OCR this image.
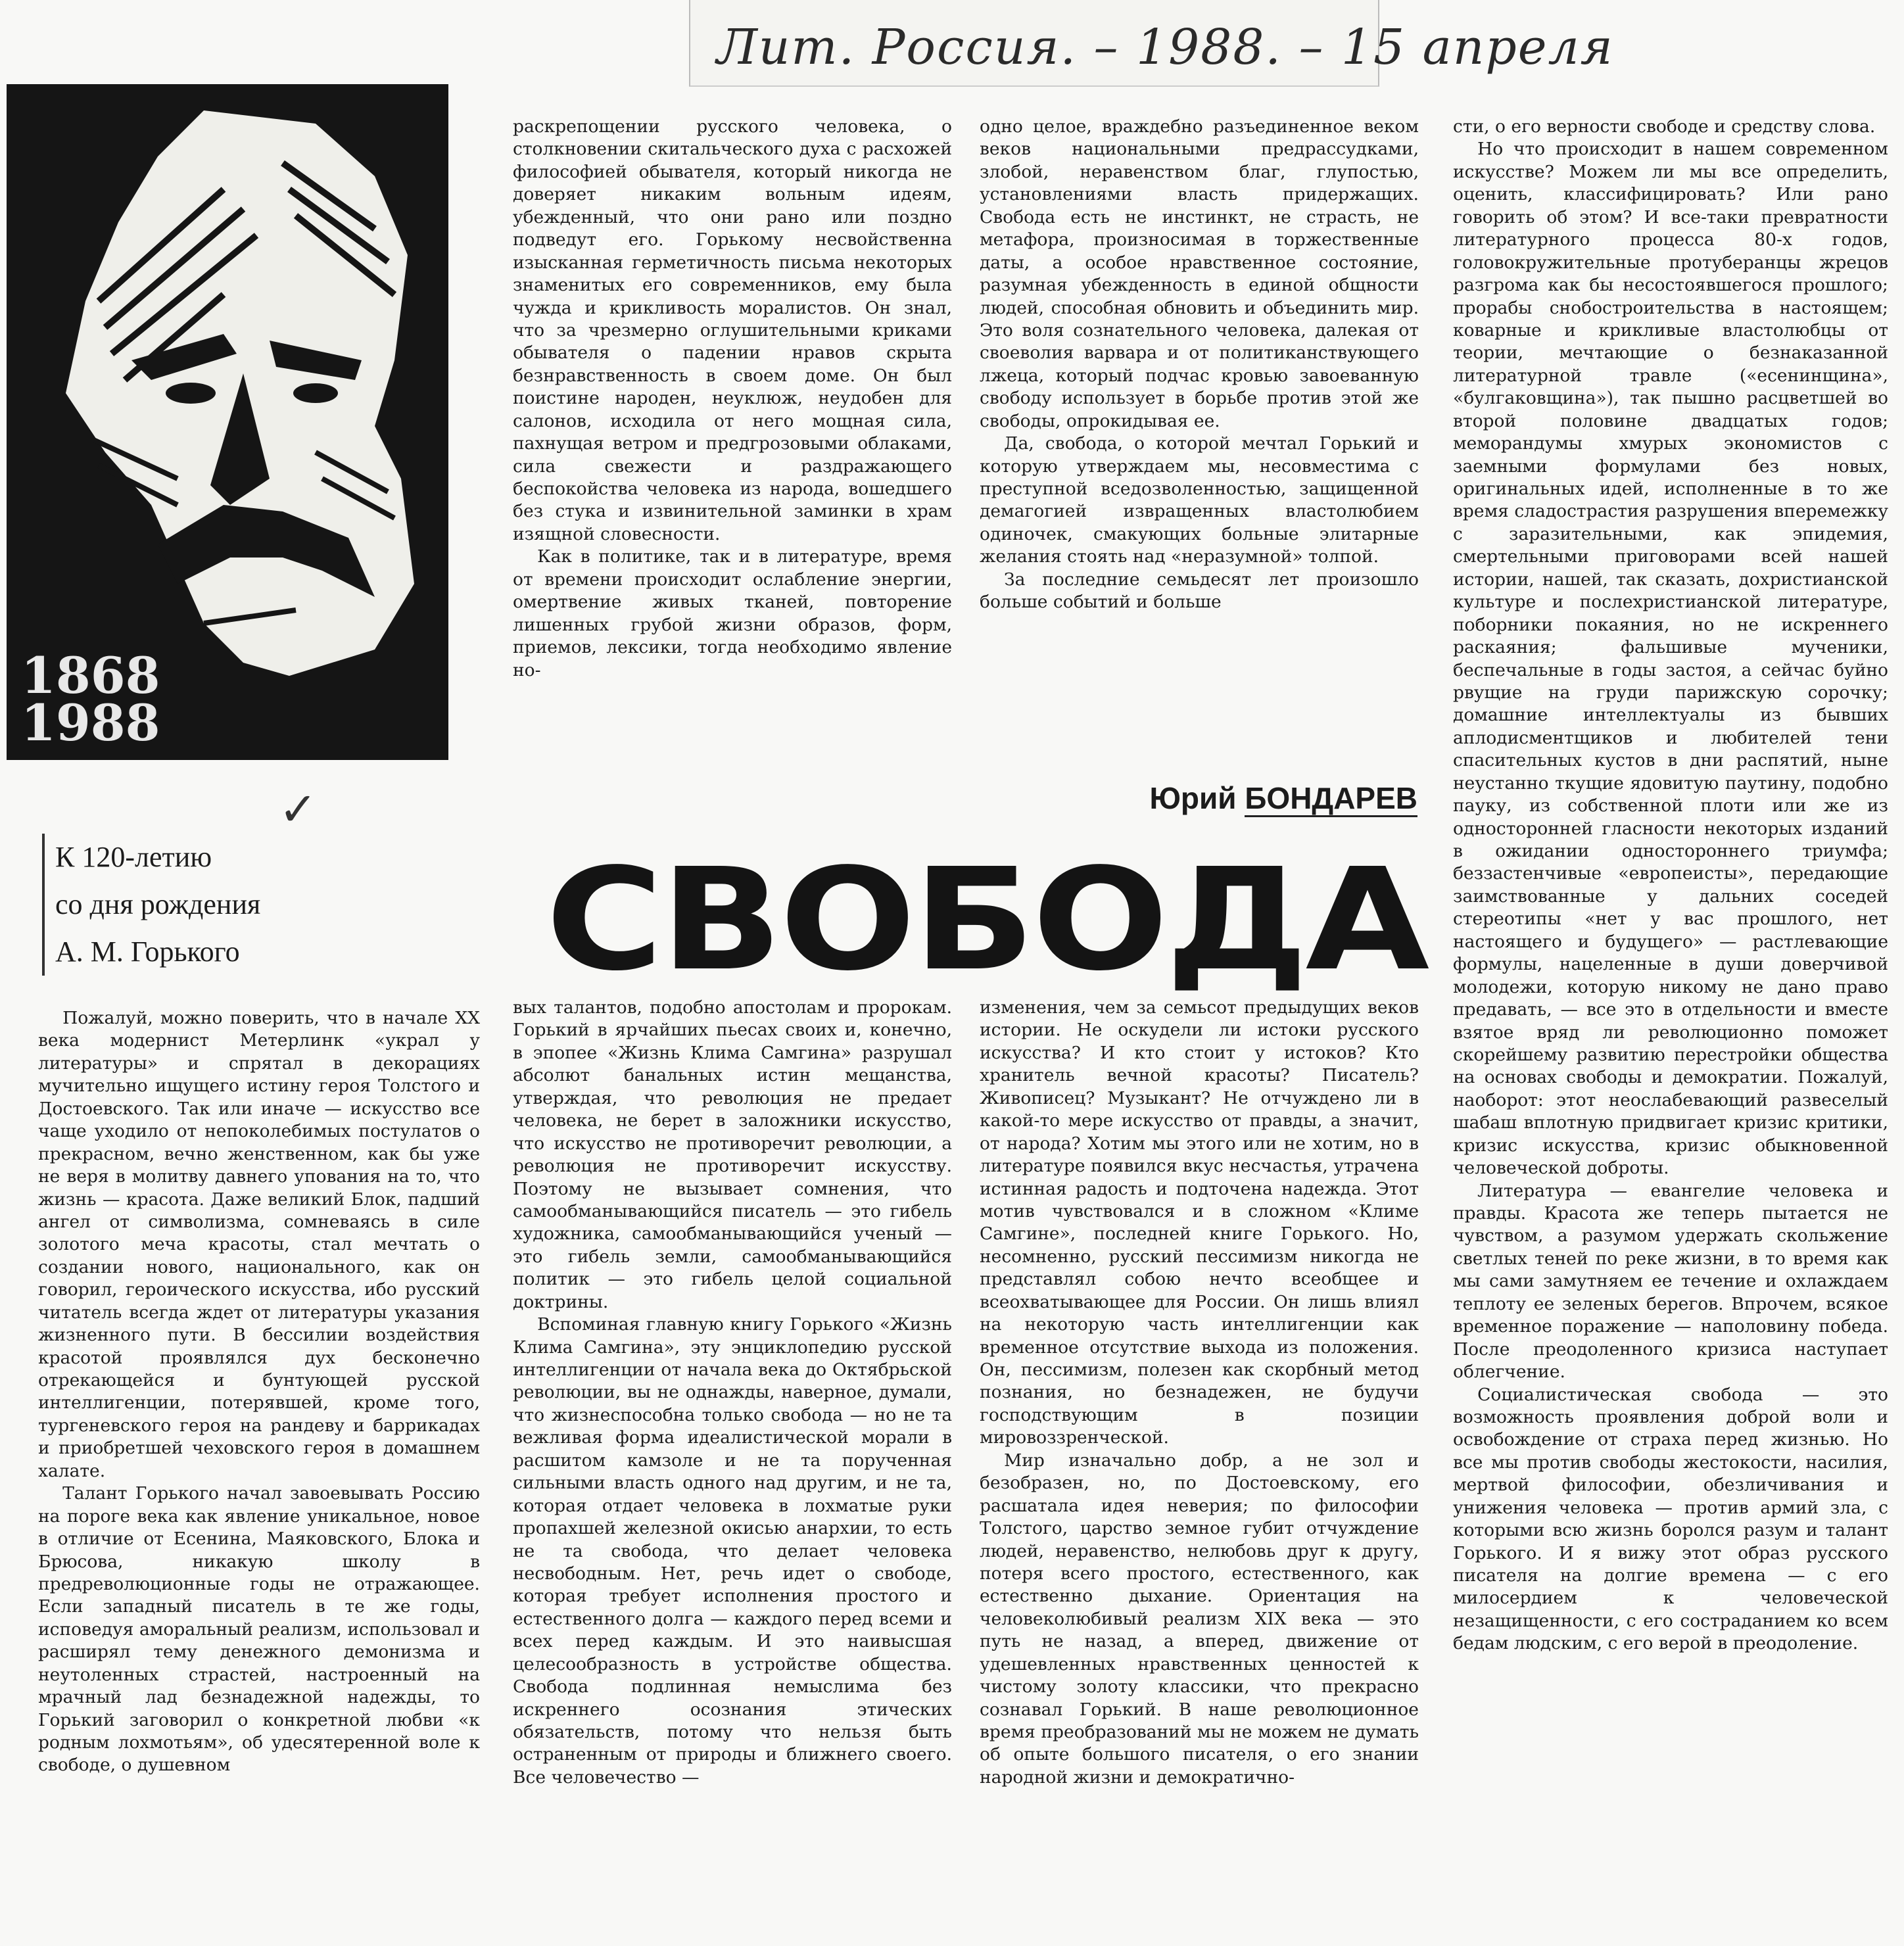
Лит. Россия. – 1988. – 15 апреля
1868
1988
✓
К 120-летию
со дня рождения
А. М. Горького
Юрий БОНДАРЕВ
СВОБОДА

раскрепощении русского человека, о столкновении скитальческого духа с расхожей философией обывателя, который никогда не доверяет никаким вольным идеям, убежденный, что они рано или поздно подведут его. Горькому несвойственна изысканная герметичность письма некоторых знаменитых его современников, ему была чуждa и крикливость моралистов. Он знал, что за чрезмерно оглушительными криками обывателя о падении нравов скрыта безнравственность в своем доме. Он был поистине народен, неуклюж, неудобен для салонов, исходила от него мощная сила, пахнущая ветром и предгрозовыми облаками, сила свежести и раздражающего беспокойства человека из народа, вошедшего без стука и извинительной заминки в храм изящной словесности.

Как в политике, так и в литературе, время от времени происходит ослабление энергии, омертвение живых тканей, повторение лишенных грубой жизни образов, форм, приемов, лексики, тогда необходимо явление но-

одно целое, враждебно разъединенное веком веков национальными предрассудками, злобой, неравенством благ, глупостью, установлениями власть придержащих. Свобода есть не инстинкт, не страсть, не метафора, произносимая в торжественные даты, а особое нравственное состояние, разумная убежденность в единой общности людей, способная обновить и объединить мир. Это воля сознательного человека, далекая от своеволия варвара и от политиканствующего лжеца, который подчас кровью завоеванную свободу использует в борьбе против этой же свободы, опрокидывая ее.

Да, свобода, о которой мечтал Горький и которую утверждаем мы, несовместима с преступной вседозволенностью, защищенной демагогией извращенных властолюбием одиночек, смакующих больные элитарные желания стоять над «неразумной» толпой.

За последние семьдесят лет произошло больше событий и больше

сти, о его верности свободе и средству слова.

Но что происходит в нашем современном искусстве? Можем ли мы все определить, оценить, классифицировать? Или рано говорить об этом? И все-таки превратности литературного процесса 80-х годов, головокружительные протуберанцы жрецов разгрома как бы несостоявшегося прошлого; прорабы снобостроительства в настоящем; коварные и крикливые властолюбцы от теории, мечтающие о безнаказанной литературной травле («есенинщина», «булгаковщина»), так пышно расцветшей во второй половине двадцатых годов; меморандумы хмурых экономистов с заемными формулами без новых, оригинальных идей, исполненные в то же время сладострастия разрушения вперемежку с заразительными, как эпидемия, смертельными приговорами всей нашей истории, нашей, так сказать, дохристианской культуре и послехристианской литературе, поборники покаяния, но не искреннего раскаяния; фальшивые мученики, беспечальные в годы застоя, а сейчас буйно рвущие на груди парижскую сорочку; домашние интеллектуалы из бывших аплодисментщиков и любителей тени спасительных кустов в дни распятий, ныне неустанно ткущие ядовитую паутину, подобно пауку, из собственной плоти или же из односторонней гласности некоторых изданий в ожидании одностороннего триумфа; беззастенчивые «европеисты», передающие заимствованные у дальних соседей стереотипы «нет у вас прошлого, нет настоящего и будущего» — растлевающие формулы, нацеленные в души доверчивой молодежи, которую никому не дано право предавать, — все это в отдельности и вместе взятое вряд ли революционно поможет скорейшему развитию перестройки общества на основах свободы и демократии. Пожалуй, наоборот: этот неослабевающий развеселый шабаш вплотную придвигает кризис критики, кризис искусства, кризис обыкновенной человеческой доброты.

Литература — евангелие человека и правды. Красота же теперь пытается не чувством, а разумом удержать скольжение светлых теней по реке жизни, в то время как мы сами замутняем ее течение и охлаждаем теплоту ее зеленых берегов. Впрочем, всякое временное поражение — наполовину победа. После преодоленного кризиса наступает облегчение.

Социалистическая свобода — это возможность проявления доброй воли и освобождение от страха перед жизнью. Но все мы против свободы жестокости, насилия, мертвой философии, обезличивания и унижения человека — против армий зла, с которыми всю жизнь боролся разум и талант Горького. И я вижу этот образ русского писателя на долгие времена — с его милосердием к человеческой незащищенности, с его состраданием ко всем бедам людским, с его верой в преодоление.

Пожалуй, можно поверить, что в начале XX века модернист Метерлинк «украл у литературы» и спрятал в декорациях мучительно ищущего истину героя Толстого и Достоевского. Так или иначе — искусство все чаще уходило от непоколебимых постулатов о прекрасном, вечно женственном, как бы уже не веря в молитву давнего упования на то, что жизнь — красота. Даже великий Блок, падший ангел от символизма, сомневаясь в силе золотого меча красоты, стал мечтать о создании нового, национального, как он говорил, героического искусства, ибо русский читатель всегда ждет от литературы указания жизненного пути. В бессилии воздействия красотой проявлялся дух бесконечно отрекающейся и бунтующей русской интеллигенции, потерявшей, кроме того, тургеневского героя на рандеву и баррикадах и приобретшей чеховского героя в домашнем халате.

Талант Горького начал завоевывать Россию на пороге века как явление уникальное, новое в отличие от Есенина, Маяковского, Блока и Брюсова, никакую школу в предреволюционные годы не отражающее. Если западный писатель в те же годы, исповедуя аморальный реализм, использовал и расширял тему денежного демонизма и неутоленных страстей, настроенный на мрачный лад безнадежной надежды, то Горький заговорил о конкретной любви «к родным лохмотьям», об удесятеренной воле к свободе, о душевном

вых талантов, подобно апостолам и пророкам. Горький в ярчайших пьесах своих и, конечно, в эпопее «Жизнь Клима Самгина» разрушал абсолют банальных истин мещанства, утверждая, что революция не предает человека, не берет в заложники искусство, что искусство не противоречит революции, а революция не противоречит искусству. Поэтому не вызывает сомнения, что самообманывающийся писатель — это гибель художника, самообманывающийся ученый — это гибель земли, самообманывающийся политик — это гибель целой социальной доктрины.

Вспоминая главную книгу Горького «Жизнь Клима Самгина», эту энциклопедию русской интеллигенции от начала века до Октябрьской революции, вы не однажды, наверное, думали, что жизнеспособна только свобода — но не та вежливая форма идеалистической морали в расшитом камзоле и не та порученная сильными власть одного над другим, и не та, которая отдает человека в лохматые руки пропахшей железной окисью анархии, то есть не та свобода, что делает человека несвободным. Нет, речь идет о свободе, которая требует исполнения простого и естественного долга — каждого перед всеми и всех перед каждым. И это наивысшая целесообразность в устройстве общества. Свобода подлинная немыслима без искреннего осознания этических обязательств, потому что нельзя быть остраненным от природы и ближнего своего. Все человечество —

изменения, чем за семьсот предыдущих веков истории. Не оскудели ли истоки русского искусства? И кто стоит у истоков? Кто хранитель вечной красоты? Писатель? Живописец? Музыкант? Не отчуждено ли в какой-то мере искусство от правды, а значит, от народа? Хотим мы этого или не хотим, но в литературе появился вкус несчастья, утрачена истинная радость и подточена надежда. Этот мотив чувствовался и в сложном «Климе Самгине», последней книге Горького. Но, несомненно, русский пессимизм никогда не представлял собою нечто всеобщее и всеохватывающее для России. Он лишь влиял на некоторую часть интеллигенции как временное отсутствие выхода из положения. Он, пессимизм, полезен как скорбный метод познания, но безнадежен, не будучи господствующим в позиции мировоззренческой.

Мир изначально добр, а не зол и безобразен, но, по Достоевскому, его расшатала идея неверия; по философии Толстого, царство земное губит отчуждение людей, неравенство, нелюбовь друг к другу, потеря всего простого, естественного, как естественно дыхание. Ориентация на человеколюбивый реализм XIX века — это путь не назад, а вперед, движение от удешевленных нравственных ценностей к чистому золоту классики, что прекрасно сознавал Горький. В наше революционное время преобразований мы не можем не думать об опыте большого писателя, о его знании народной жизни и демократично-
